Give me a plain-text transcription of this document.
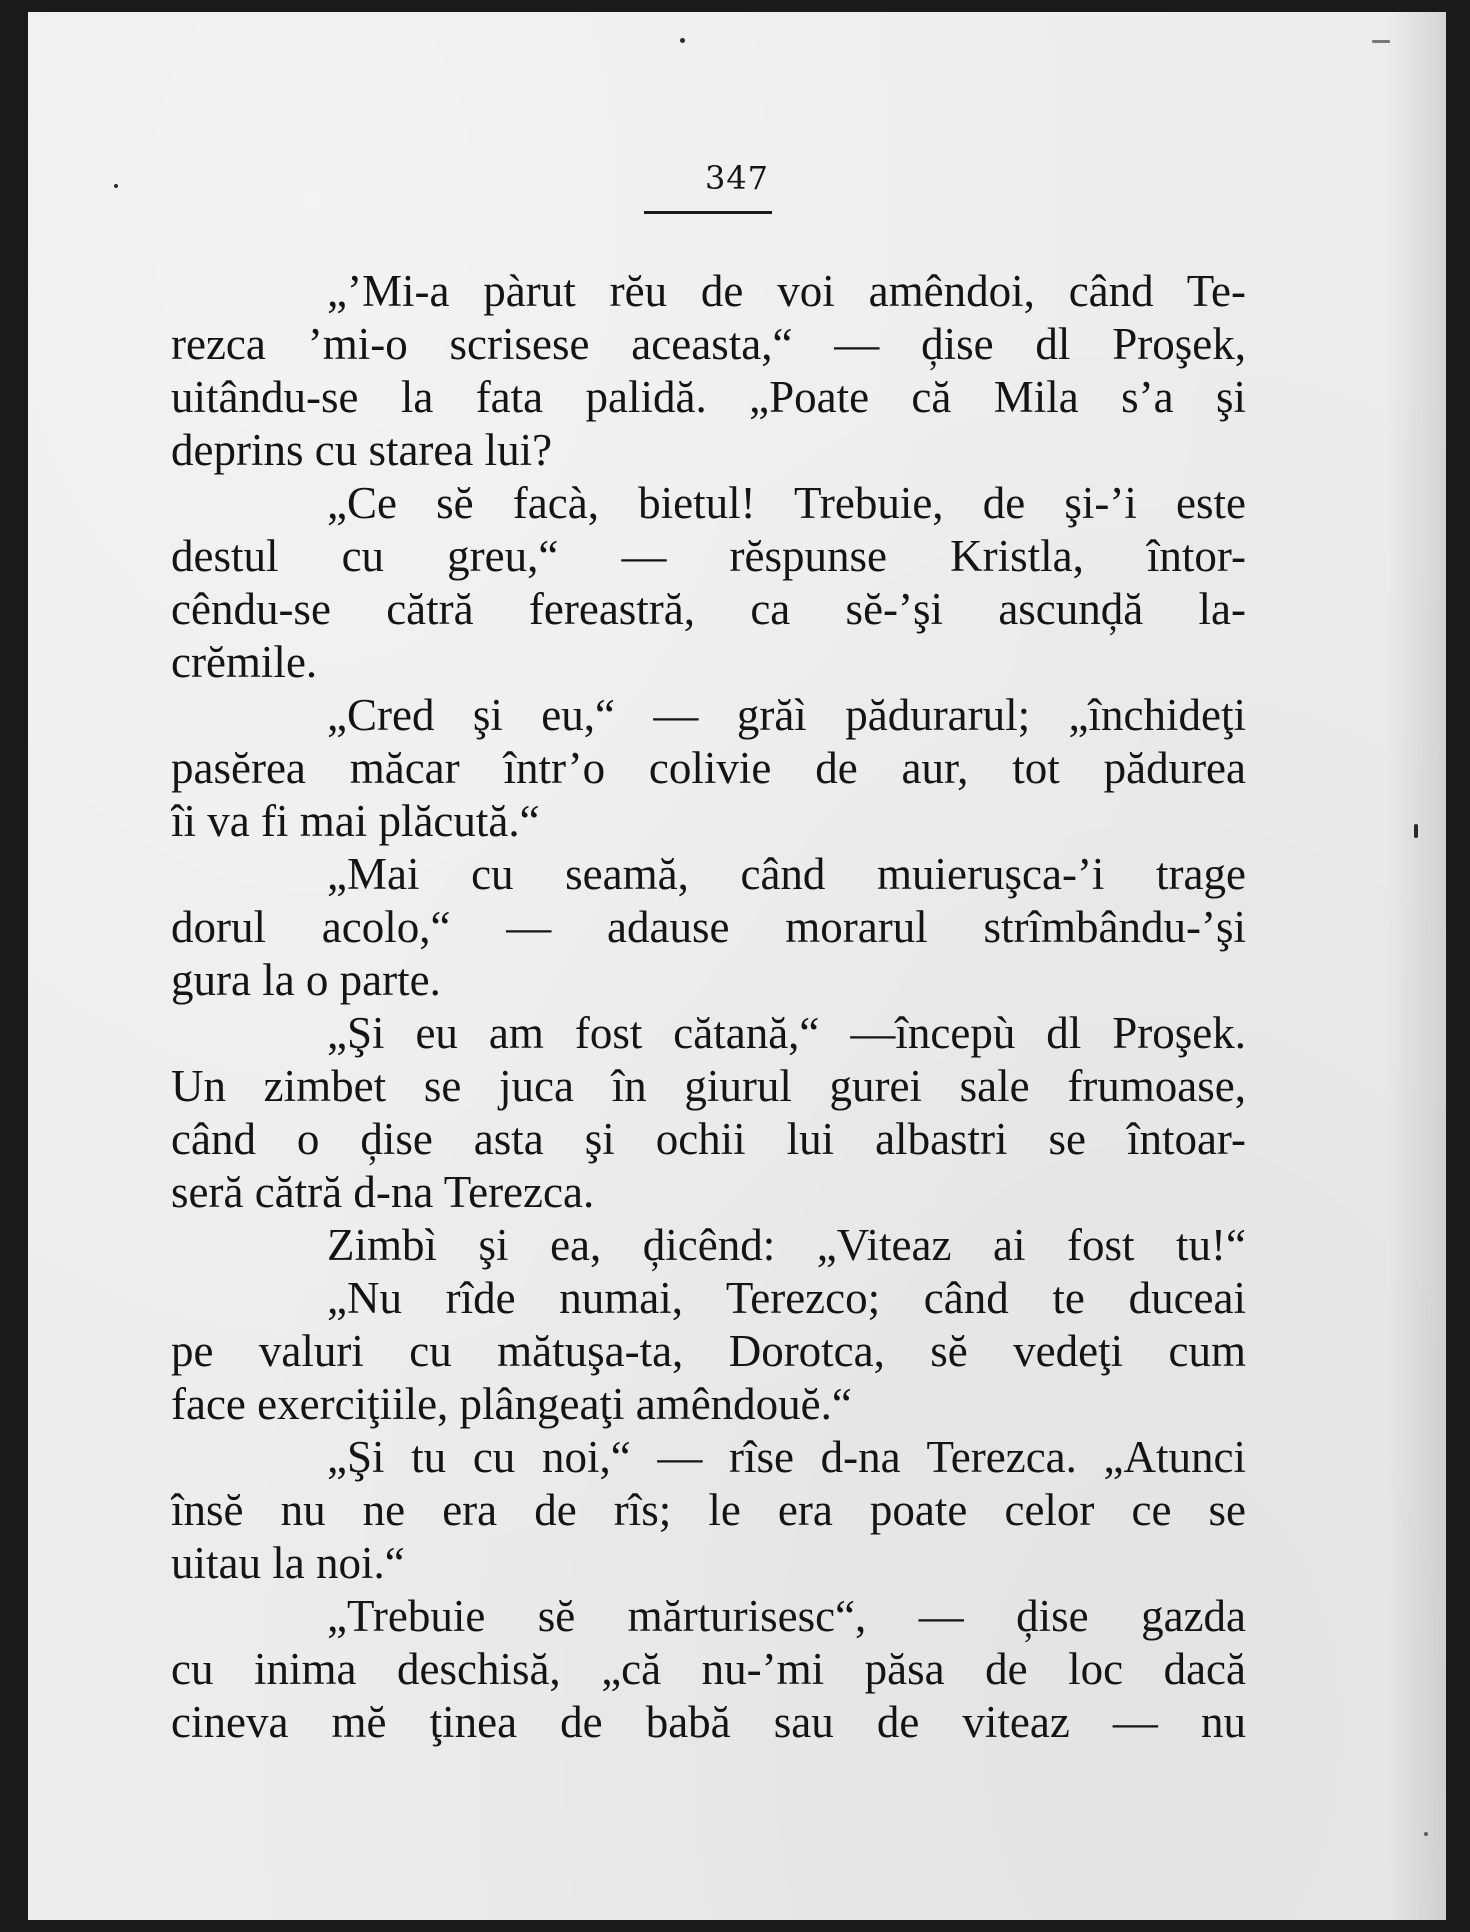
347
„’Mi-a pàrut rĕu de voi amêndoi, când Te-
rezca ’mi-o scrisese aceasta,“ — ḑise dl Proşek,
uitându-se la fata palidă. „Poate că Mila s’a şi
deprins cu starea lui?
„Ce sĕ facà, bietul! Trebuie, de şi-’i este
destul cu greu,“ — rĕspunse Kristla, întor-
cêndu-se cătră fereastră, ca sĕ-’şi ascunḑă la-
crĕmile.
„Cred şi eu,“ — grăì pădurarul; „închideţi
pasĕrea măcar într’o colivie de aur, tot pădurea
îi va fi mai plăcută.“
„Mai cu seamă, când muieruşca-’i trage
dorul acolo,“ — adause morarul strîmbându-’şi
gura la o parte.
„Şi eu am fost cătană,“ —începù dl Proşek.
Un zimbet se juca în giurul gurei sale frumoase,
când o ḑise asta şi ochii lui albastri se întoar-
seră cătră d-na Terezca.
Zimbì şi ea, ḑicênd: „Viteaz ai fost tu!“
„Nu rîde numai, Terezco; când te duceai
pe valuri cu mătuşa-ta, Dorotca, sĕ vedeţi cum
face exerciţiile, plângeaţi amêndouĕ.“
„Şi tu cu noi,“ — rîse d-na Terezca. „Atunci
însĕ nu ne era de rîs; le era poate celor ce se
uitau la noi.“
„Trebuie sĕ mărturisesc“, — ḑise gazda
cu inima deschisă, „că nu-’mi păsa de loc dacă
cineva mĕ ţinea de babă sau de viteaz — nu
